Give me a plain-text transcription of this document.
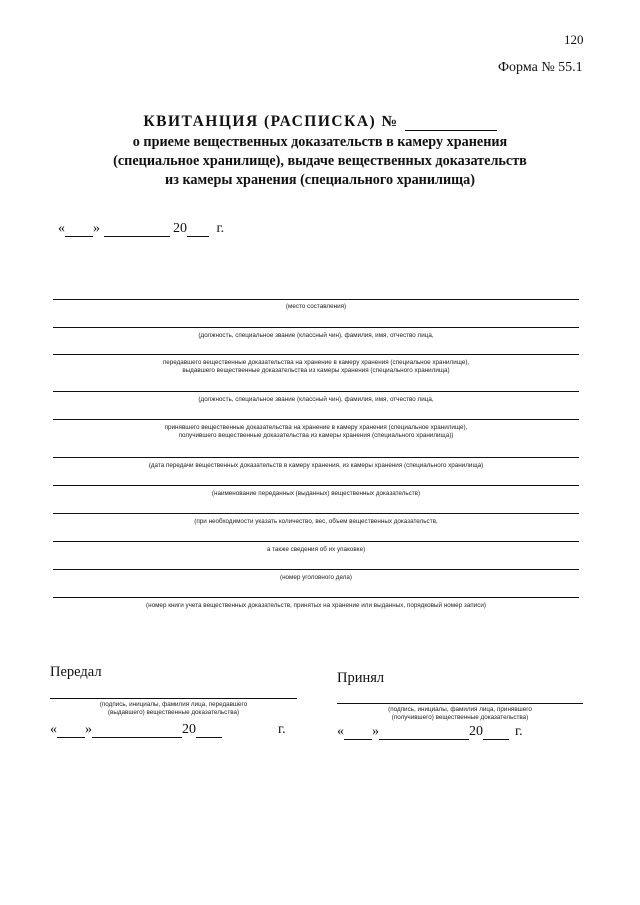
120
Форма № 55.1
КВИТАНЦИЯ (РАСПИСКА) №
о приеме вещественных доказательств в камеру хранения
(специальное хранилище), выдаче вещественных доказательств
из камеры хранения (специального хранилища)
« »	20 г.
(место составления)
(должность, специальное звание (классный чин), фамилия, имя, отчество лица,
передавшего вещественные доказательства на хранение в камеру хранения (специальное хранилище),
выдавшего вещественные доказательства из камеры хранения (специального хранилища)
(должность, специальное звание (классный чин), фамилия, имя, отчество лица,
принявшего вещественные доказательства на хранение в камеру хранения (специальное хранилище),
получившего вещественные доказательства из камеры хранения (специального хранилища))
(дата передачи вещественных доказательств в камеру хранения, из камеры хранения (специального хранилища)
(наименование переданных (выданных) вещественных доказательств)
(при необходимости указать количество, вес, объем вещественных доказательств,
а также сведения об их упаковке)
(номер уголовного дела)
(номер книги учета вещественных доказательств, принятых на хранение или выданных, порядковый номер записи)
Передал
(подпись, инициалы, фамилия лица, передавшего
(выдавшего) вещественные доказательства)
« »	20	г.
Принял
(подпись, инициалы, фамилия лица, принявшего
(получившего) вещественные доказательства)
« »	20 г.
